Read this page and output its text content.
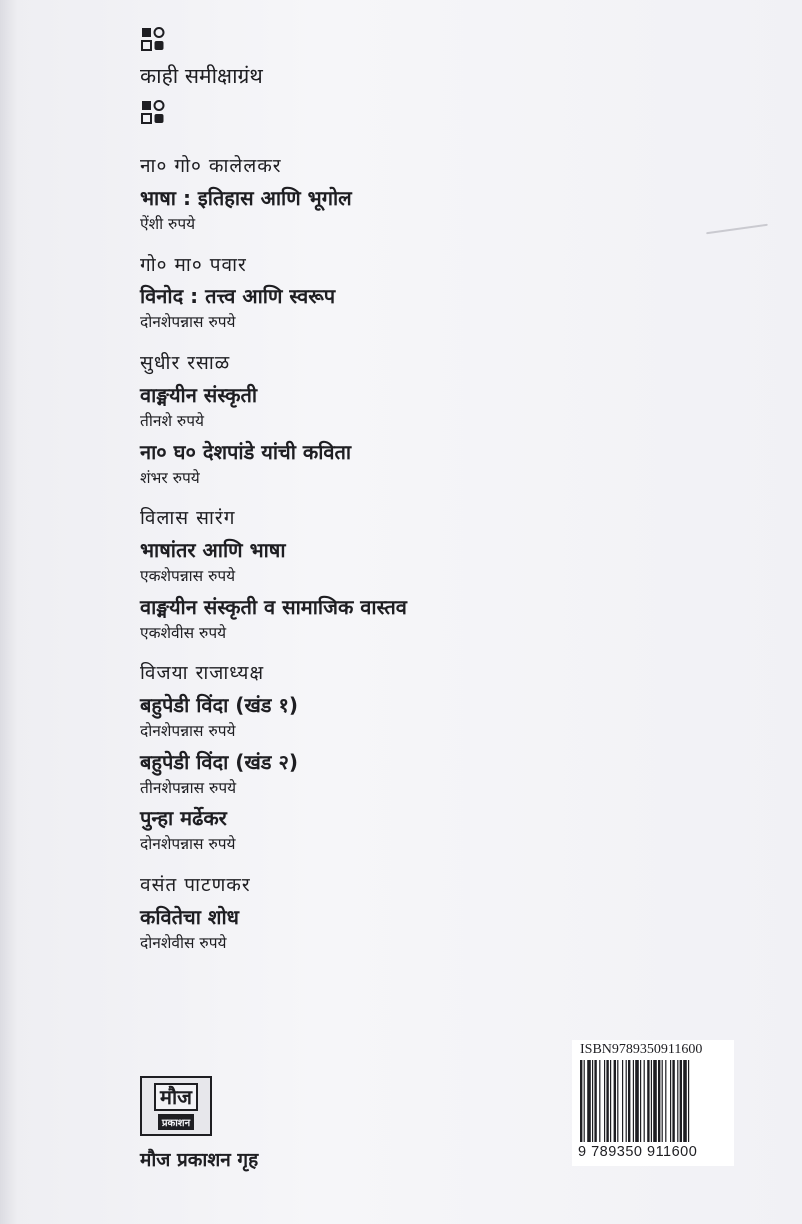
काही समीक्षाग्रंथ
ना० गो० कालेलकर
भाषा : इतिहास आणि भूगोल
ऐंशी रुपये
गो० मा० पवार
विनोद : तत्त्व आणि स्वरूप
दोनशेपन्नास रुपये
सुधीर रसाळ
वाङ्मयीन संस्कृती
तीनशे रुपये
ना० घ० देशपांडे यांची कविता
शंभर रुपये
विलास सारंग
भाषांतर आणि भाषा
एकशेपन्नास रुपये
वाङ्मयीन संस्कृती व सामाजिक वास्तव
एकशेवीस रुपये
विजया राजाध्यक्ष
बहुपेडी विंदा (खंड १)
दोनशेपन्नास रुपये
बहुपेडी विंदा (खंड २)
तीनशेपन्नास रुपये
पुन्हा मर्ढेकर
दोनशेपन्नास रुपये
वसंत पाटणकर
कवितेचा शोध
दोनशेवीस रुपये
मौज
प्रकाशन
मौज प्रकाशन गृह
ISBN9789350911600
9 789350 911600
